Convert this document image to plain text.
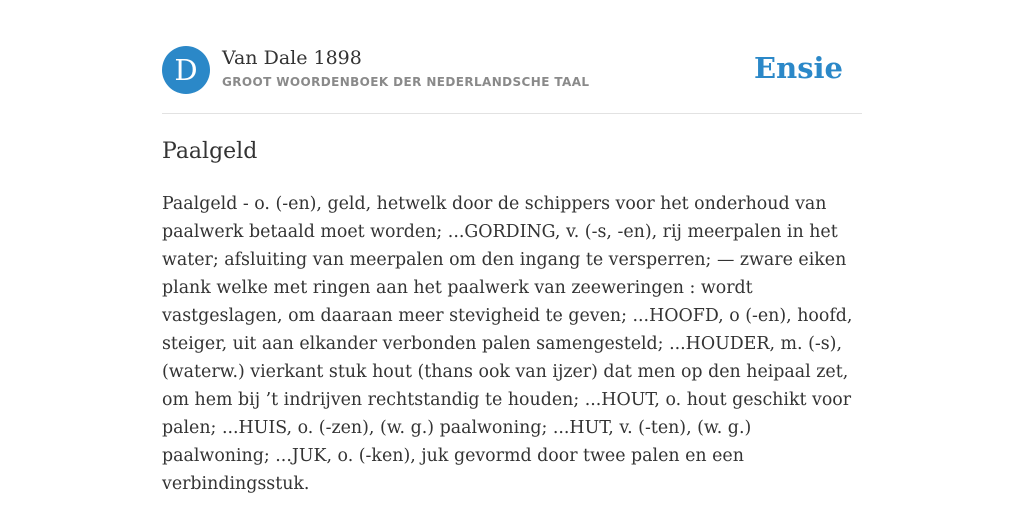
D	Van Dale 1898
GROOT WOORDENBOEK DER NEDERLANDSCHE TAAL	Ensie
Paalgeld
Paalgeld - o. (-en), geld, hetwelk door de schippers voor het onderhoud van paalwerk betaald moet worden; ...GORDING, v. (-s, -en), rij meerpalen in het water; afsluiting van meerpalen om den ingang te versperren; — zware eiken plank welke met ringen aan het paalwerk van zeeweringen : wordt vastgeslagen, om daaraan meer stevigheid te geven; ...HOOFD, o (-en), hoofd, steiger, uit aan elkander verbonden palen samengesteld; ...HOUDER, m. (-s), (waterw.) vierkant stuk hout (thans ook van ijzer) dat men op den heipaal zet, om hem bij ’t indrijven rechtstandig te houden; ...HOUT, o. hout geschikt voor palen; ...HUIS, o. (-zen), (w. g.) paalwoning; ...HUT, v. (-ten), (w. g.) paalwoning; ...JUK, o. (-ken), juk gevormd door twee palen en een verbindingsstuk.
